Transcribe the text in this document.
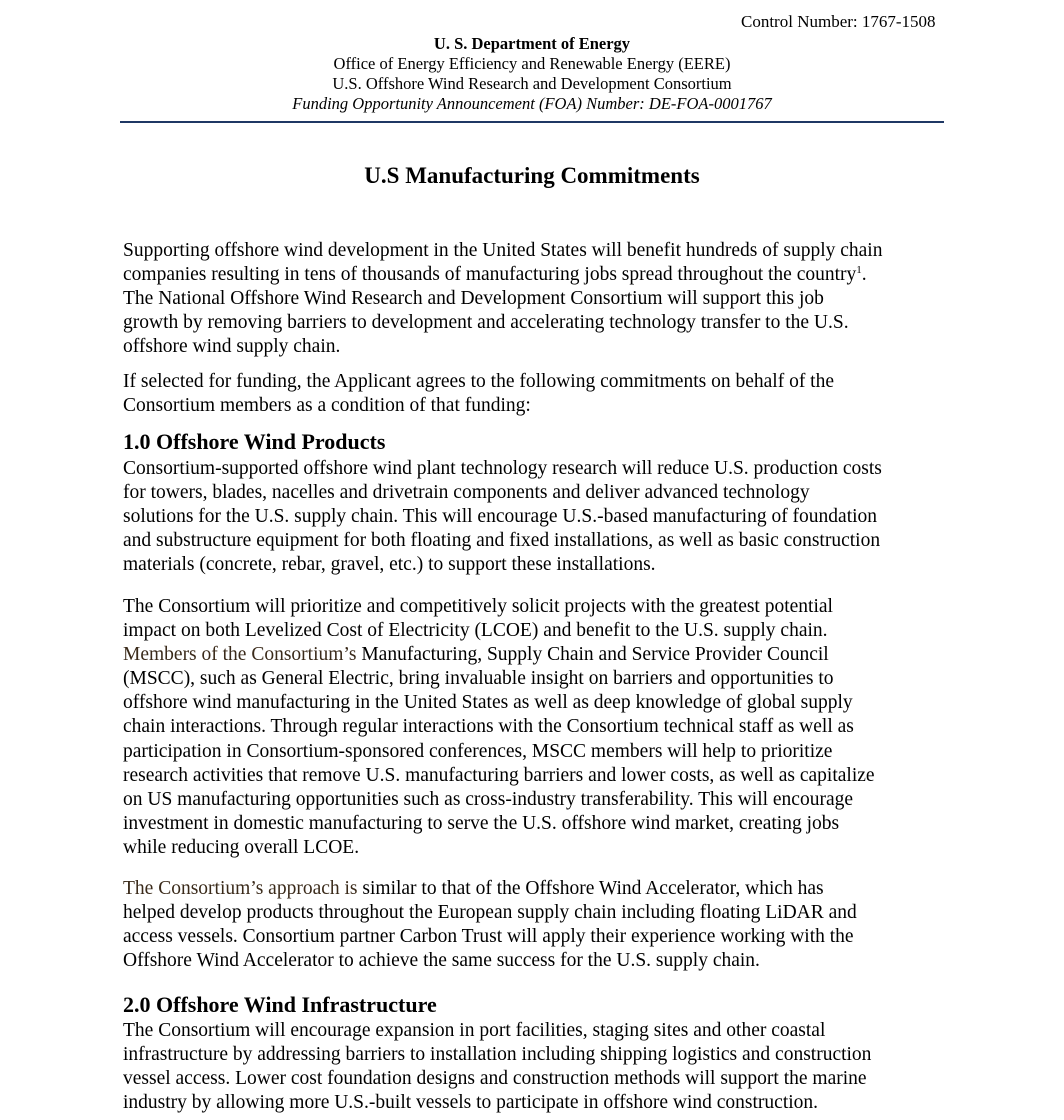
Control Number: 1767-1508
U. S. Department of Energy
Office of Energy Efficiency and Renewable Energy (EERE)
U.S. Offshore Wind Research and Development Consortium
Funding Opportunity Announcement (FOA) Number: DE-FOA-0001767
U.S Manufacturing Commitments
Supporting offshore wind development in the United States will benefit hundreds of supply chain
companies resulting in tens of thousands of manufacturing jobs spread throughout the country$^1$.
The National Offshore Wind Research and Development Consortium will support this job
growth by removing barriers to development and accelerating technology transfer to the U.S.
offshore wind supply chain.
If selected for funding, the Applicant agrees to the following commitments on behalf of the
Consortium members as a condition of that funding:
1.0 Offshore Wind Products
Consortium-supported offshore wind plant technology research will reduce U.S. production costs
for towers, blades, nacelles and drivetrain components and deliver advanced technology
solutions for the U.S. supply chain. This will encourage U.S.-based manufacturing of foundation
and substructure equipment for both floating and fixed installations, as well as basic construction
materials (concrete, rebar, gravel, etc.) to support these installations.
The Consortium will prioritize and competitively solicit projects with the greatest potential
impact on both Levelized Cost of Electricity (LCOE) and benefit to the U.S. supply chain.
Members of the Consortium’s Manufacturing, Supply Chain and Service Provider Council
(MSCC), such as General Electric, bring invaluable insight on barriers and opportunities to
offshore wind manufacturing in the United States as well as deep knowledge of global supply
chain interactions. Through regular interactions with the Consortium technical staff as well as
participation in Consortium-sponsored conferences, MSCC members will help to prioritize
research activities that remove U.S. manufacturing barriers and lower costs, as well as capitalize
on US manufacturing opportunities such as cross-industry transferability. This will encourage
investment in domestic manufacturing to serve the U.S. offshore wind market, creating jobs
while reducing overall LCOE.
The Consortium’s approach is similar to that of the Offshore Wind Accelerator, which has
helped develop products throughout the European supply chain including floating LiDAR and
access vessels. Consortium partner Carbon Trust will apply their experience working with the
Offshore Wind Accelerator to achieve the same success for the U.S. supply chain.
2.0 Offshore Wind Infrastructure
The Consortium will encourage expansion in port facilities, staging sites and other coastal
infrastructure by addressing barriers to installation including shipping logistics and construction
vessel access. Lower cost foundation designs and construction methods will support the marine
industry by allowing more U.S.-built vessels to participate in offshore wind construction.
